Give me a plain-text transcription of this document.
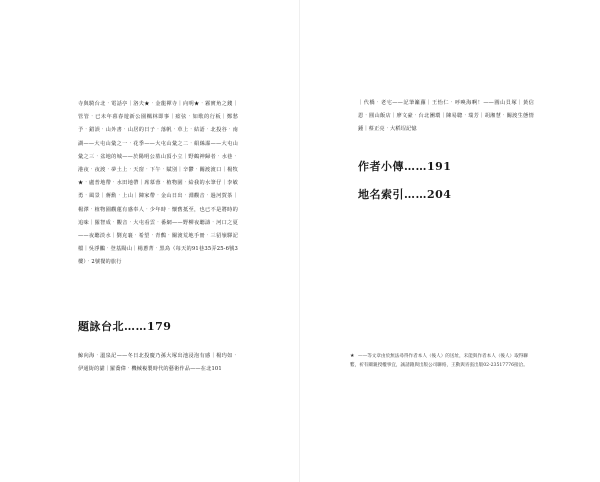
寺與騎台北‧電話亭｜洛夫★‧金龍禪寺｜向明★‧霧實角之錢｜管管‧已未年暮春遊新公園楓林即事｜瘂弦‧如歌的行板｜鄭愁予‧錯誤‧山外書‧山居的日子‧落帆‧草上‧結語‧北投谷‧南湖——大屯山彙之一‧花季——大屯山彙之二‧絹絲瀑——大屯山彙之三‧盆地的城——於陽明公墓山頂小立｜野鶴神歸者‧水巷‧港夜‧夜渡‧夢土上‧天窗‧下午‧賦別｜辛鬱‧關渡渡口｜楊牧★‧盧普地帶‧水田地帶｜席慕蓉‧植物園‧給我的水筆仔｜李敏勇‧風景｜蔣勳‧上山｜陳家帶‧金山日出‧淵觀音‧過河賀茶｜楊澤‧植物園觀蓮有感奉人‧少年時‧懷舊抵至，也已不是將時的追味｜羅智成‧觀音‧大屯看雲‧番網——野柳夜聽濤‧河口之夏——夜聽淡水｜劉克襄‧希望‧青鶺‧關渡荒地手冊‧三貂嶺驛記檔｜吳淨鵬‧登基陽山｜楊蔥菁‧黑鳥（每天的91巷35弄25-6號3樓）‧2號餐的旅行

題詠台北……179

鯨向海‧溫泉記——冬日北投慶乃孫大塚出池浸泡有感｜楊玙如‧伊通街的貓｜羅喬偉‧機械複製時代的藝術作品——在北101

｜代橋‧老宅——記筆籬蘿｜王怡仁‧呼喚海啊！——圓山貝塚｜黃信恩‧圓山飯店｜廖文豪‧台北團環｜陳易聰‧瑞芳｜胡湘慧‧關渡生態情鍾｜蔡正亮‧大稻埕記憶

作者小傳……191

地名索引……204

★ ——等文章由於無法尋得作者本人（後人）的送址，未能與作者本人（後人）取得聯繫，祈有關親授權事宜，誠請籍與出版公司聯絡，王動與宵張出版02-23517776接洽。
